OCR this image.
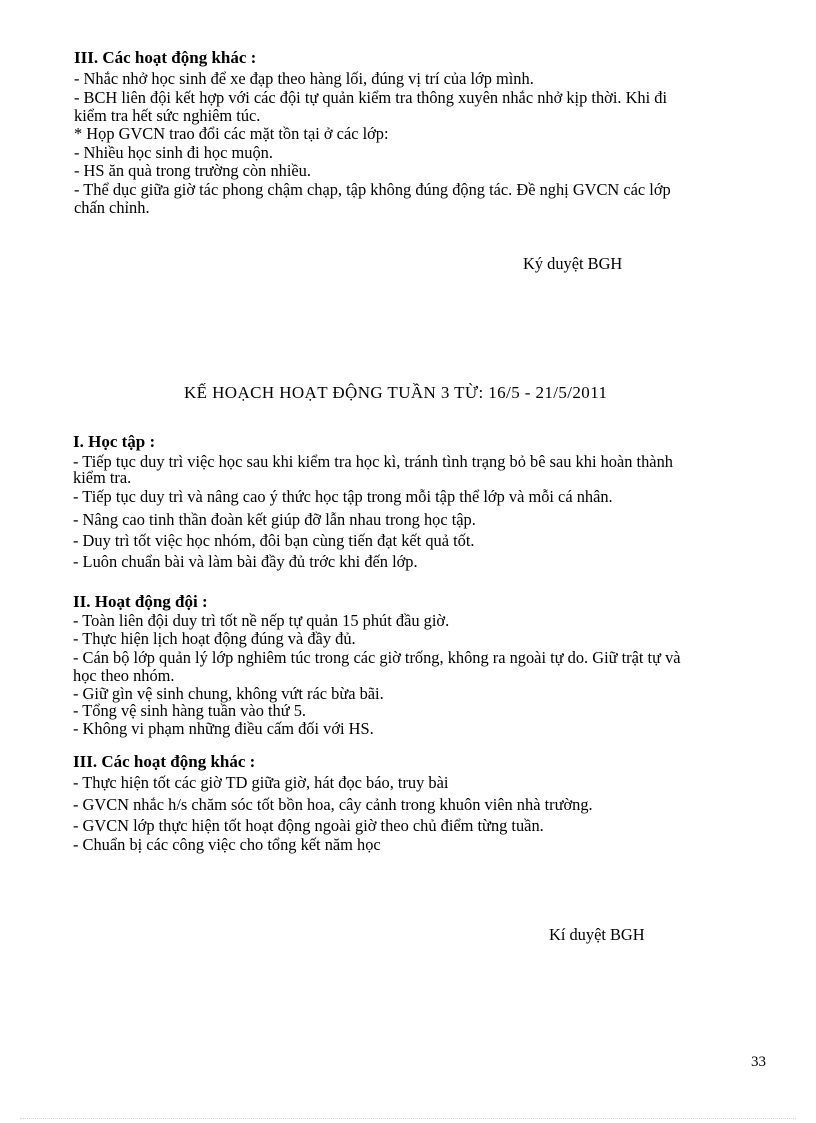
III. Các hoạt động khác :
- Nhắc nhở học sinh để xe đạp theo hàng lối, đúng vị trí của lớp mình.
- BCH liên đội kết hợp với các đội tự quản kiểm tra thông xuyên nhắc nhở kịp thời. Khi đi
kiểm tra hết sức nghiêm túc.
* Họp GVCN trao đổi các mặt tồn tại ở các lớp:
- Nhiều học sinh đi học muộn.
- HS ăn quà trong trường còn nhiều.
- Thể dục giữa giờ tác phong chậm chạp, tập không đúng động tác. Đề nghị GVCN các lớp
chấn chỉnh.
Ký duyệt BGH
KẾ HOẠCH HOẠT ĐỘNG TUẦN 3 TỪ: 16/5 - 21/5/2011
I. Học tập :
- Tiếp tục duy trì việc học sau khi kiểm tra học kì, tránh tình trạng bỏ bê sau khi hoàn thành
kiểm tra.
- Tiếp tục duy trì và nâng cao ý thức học tập trong mỗi tập thể lớp và mỗi cá nhân.
- Nâng cao tinh thần đoàn kết giúp đỡ lẫn nhau trong học tập.
- Duy trì tốt việc học nhóm, đôi bạn cùng tiến đạt kết quả tốt.
- Luôn chuẩn bài và làm bài đầy đủ trớc khi đến lớp.
II. Hoạt động đội :
- Toàn liên đội duy trì tốt nề nếp tự quản 15 phút đầu giờ.
- Thực hiện lịch hoạt động đúng và đầy đủ.
- Cán bộ lớp quản lý lớp nghiêm túc trong các giờ trống, không ra ngoài tự do. Giữ trật tự và
học theo nhóm.
- Giữ gìn vệ sinh chung, không vứt rác bừa bãi.
- Tổng vệ sinh hàng tuần vào thứ 5.
- Không vi phạm những điều cấm đối với HS.
III. Các hoạt động khác :
- Thực hiện tốt các giờ TD giữa giờ, hát đọc báo, truy bài
- GVCN nhắc h/s chăm sóc tốt bồn hoa, cây cảnh trong khuôn viên nhà trường.
- GVCN lớp thực hiện tốt hoạt động ngoài giờ theo chủ điểm từng tuần.
- Chuẩn bị các công việc cho tổng kết năm học
Kí duyệt BGH
33
